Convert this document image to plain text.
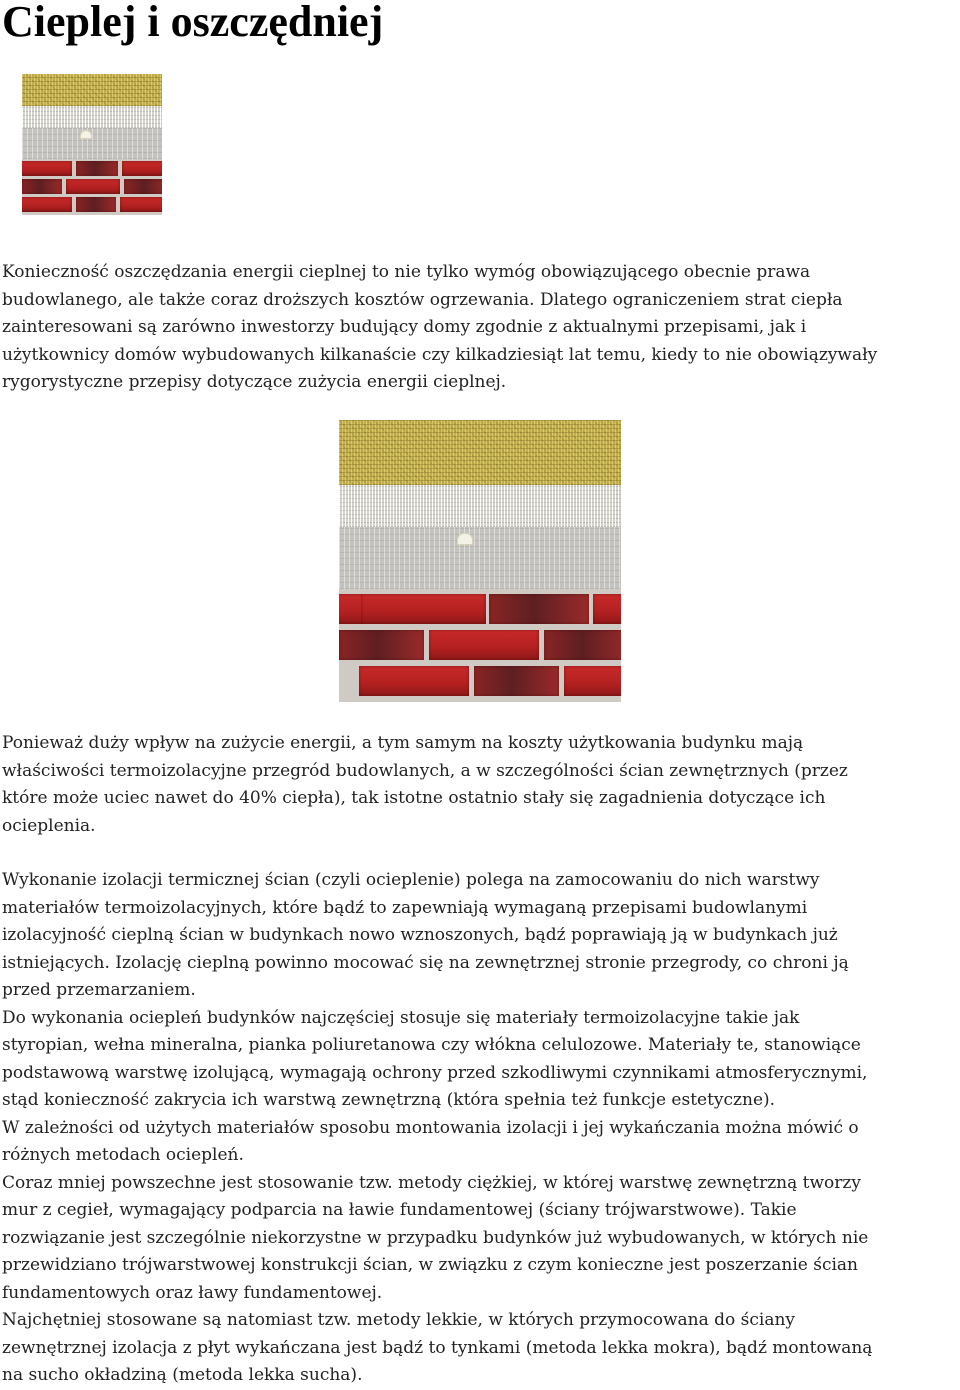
Cieplej i oszczędniej

Konieczność oszczędzania energii cieplnej to nie tylko wymóg obowiązującego obecnie prawa
budowlanego, ale także coraz droższych kosztów ogrzewania. Dlatego ograniczeniem strat ciepła
zainteresowani są zarówno inwestorzy budujący domy zgodnie z aktualnymi przepisami, jak i
użytkownicy domów wybudowanych kilkanaście czy kilkadziesiąt lat temu, kiedy to nie obowiązywały
rygorystyczne przepisy dotyczące zużycia energii cieplnej.

Ponieważ duży wpływ na zużycie energii, a tym samym na koszty użytkowania budynku mają
właściwości termoizolacyjne przegród budowlanych, a w szczególności ścian zewnętrznych (przez
które może uciec nawet do 40% ciepła), tak istotne ostatnio stały się zagadnienia dotyczące ich
ocieplenia.

Wykonanie izolacji termicznej ścian (czyli ocieplenie) polega na zamocowaniu do nich warstwy
materiałów termoizolacyjnych, które bądź to zapewniają wymaganą przepisami budowlanymi
izolacyjność cieplną ścian w budynkach nowo wznoszonych, bądź poprawiają ją w budynkach już
istniejących. Izolację cieplną powinno mocować się na zewnętrznej stronie przegrody, co chroni ją
przed przemarzaniem.
Do wykonania ociepleń budynków najczęściej stosuje się materiały termoizolacyjne takie jak
styropian, wełna mineralna, pianka poliuretanowa czy włókna celulozowe. Materiały te, stanowiące
podstawową warstwę izolującą, wymagają ochrony przed szkodliwymi czynnikami atmosferycznymi,
stąd konieczność zakrycia ich warstwą zewnętrzną (która spełnia też funkcje estetyczne).
W zależności od użytych materiałów sposobu montowania izolacji i jej wykańczania można mówić o
różnych metodach ociepleń.
Coraz mniej powszechne jest stosowanie tzw. metody ciężkiej, w której warstwę zewnętrzną tworzy
mur z cegieł, wymagający podparcia na ławie fundamentowej (ściany trójwarstwowe). Takie
rozwiązanie jest szczególnie niekorzystne w przypadku budynków już wybudowanych, w których nie
przewidziano trójwarstwowej konstrukcji ścian, w związku z czym konieczne jest poszerzanie ścian
fundamentowych oraz ławy fundamentowej.
Najchętniej stosowane są natomiast tzw. metody lekkie, w których przymocowana do ściany
zewnętrznej izolacja z płyt wykańczana jest bądź to tynkami (metoda lekka mokra), bądź montowaną
na sucho okładziną (metoda lekka sucha).
